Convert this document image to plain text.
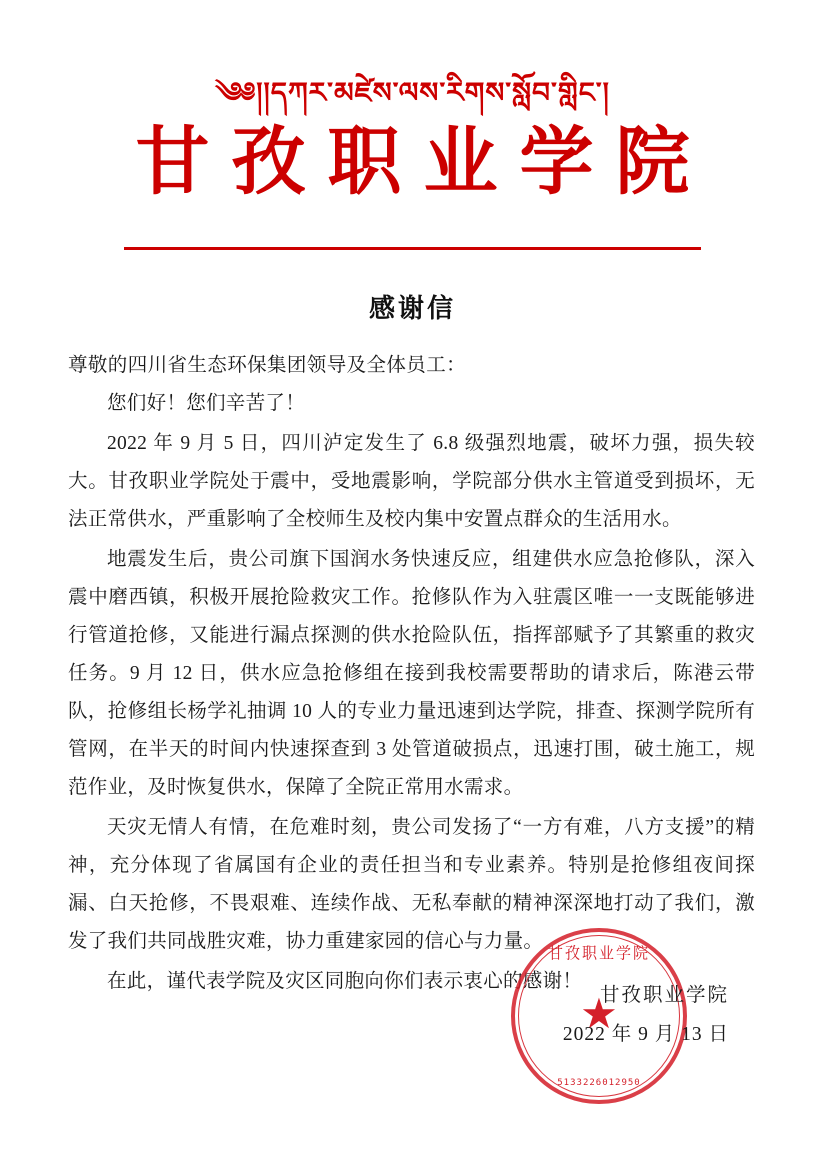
༄༅།།དཀར་མཛེས་ལས་རིགས་སློབ་གླིང་།
甘孜职业学院
感谢信
尊敬的四川省生态环保集团领导及全体员工：

您们好！您们辛苦了！

2022 年 9 月 5 日，四川泸定发生了 6.8 级强烈地震，破坏力强，损失较大。甘孜职业学院处于震中，受地震影响，学院部分供水主管道受到损坏，无法正常供水，严重影响了全校师生及校内集中安置点群众的生活用水。

地震发生后，贵公司旗下国润水务快速反应，组建供水应急抢修队，深入震中磨西镇，积极开展抢险救灾工作。抢修队作为入驻震区唯一一支既能够进行管道抢修，又能进行漏点探测的供水抢险队伍，指挥部赋予了其繁重的救灾任务。9 月 12 日，供水应急抢修组在接到我校需要帮助的请求后，陈港云带队，抢修组长杨学礼抽调 10 人的专业力量迅速到达学院，排查、探测学院所有管网，在半天的时间内快速探查到 3 处管道破损点，迅速打围，破土施工，规范作业，及时恢复供水，保障了全院正常用水需求。

天灾无情人有情，在危难时刻，贵公司发扬了“一方有难，八方支援”的精神，充分体现了省属国有企业的责任担当和专业素养。特别是抢修组夜间探漏、白天抢修，不畏艰难、连续作战、无私奉献的精神深深地打动了我们，激发了我们共同战胜灾难，协力重建家园的信心与力量。

在此，谨代表学院及灾区同胞向你们表示衷心的感谢！

甘孜职业学院
2022 年 9 月 13 日
甘孜职业学院
★
5133226012950
